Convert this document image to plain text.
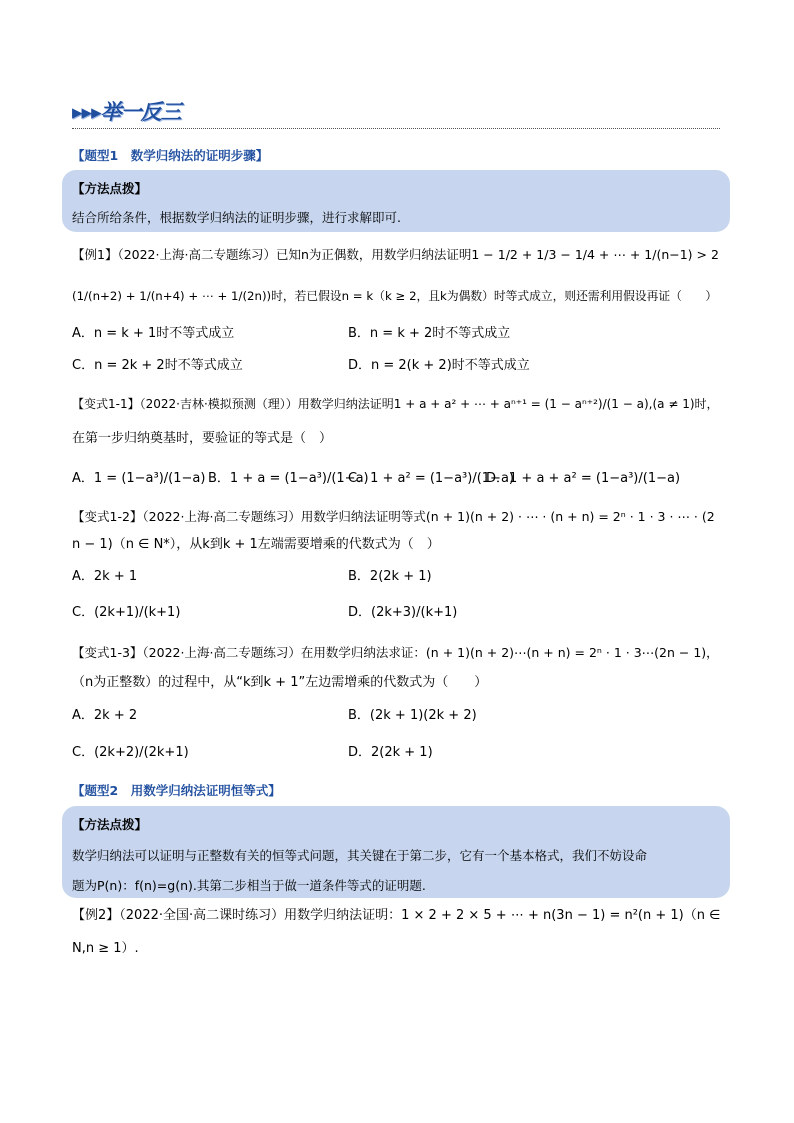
▸▸▸举一反三
【题型1　数学归纳法的证明步骤】
【方法点拨】
结合所给条件，根据数学归纳法的证明步骤，进行求解即可.
【例1】（2022·上海·高二专题练习）已知n为正偶数，用数学归纳法证明1 − 1/2 + 1/3 − 1/4 + ⋯ + 1/(n−1) > 2
(1/(n+2) + 1/(n+4) + ⋯ + 1/(2n))时，若已假设n = k（k ≥ 2，且k为偶数）时等式成立，则还需利用假设再证（　　）
A．n = k + 1时不等式成立	B．n = k + 2时不等式成立
C．n = 2k + 2时不等式成立	D．n = 2(k + 2)时不等式成立
【变式1-1】（2022·吉林·模拟预测（理））用数学归纳法证明1 + a + a² + ⋯ + aⁿ⁺¹ = (1 − aⁿ⁺²)/(1 − a),(a ≠ 1)时，
在第一步归纳奠基时，要验证的等式是（　）
A．1 = (1−a³)/(1−a) B．1 + a = (1−a³)/(1−a)
C．1 + a² = (1−a³)/(1−a)
D．1 + a + a² = (1−a³)/(1−a)
【变式1-2】（2022·上海·高二专题练习）用数学归纳法证明等式(n + 1)(n + 2) · ⋯ · (n + n) = 2ⁿ · 1 · 3 · ⋯ · (2
n − 1)（n ∈ N*），从k到k + 1左端需要增乘的代数式为（　）
A．2k + 1	B．2(2k + 1)
C．(2k+1)/(k+1)	D．(2k+3)/(k+1)
【变式1-3】（2022·上海·高二专题练习）在用数学归纳法求证：(n + 1)(n + 2)⋯(n + n) = 2ⁿ · 1 · 3⋯(2n − 1)，
（n为正整数）的过程中，从“k到k + 1”左边需增乘的代数式为（　　）
A．2k + 2	B．(2k + 1)(2k + 2)
C．(2k+2)/(2k+1)	D．2(2k + 1)
【题型2　用数学归纳法证明恒等式】
【方法点拨】
数学归纳法可以证明与正整数有关的恒等式问题，其关键在于第二步，它有一个基本格式，我们不妨设命
题为P(n)：f(n)=g(n).其第二步相当于做一道条件等式的证明题.
【例2】（2022·全国·高二课时练习）用数学归纳法证明：1 × 2 + 2 × 5 + ⋯ + n(3n − 1) = n²(n + 1)（n ∈
N,n ≥ 1）.
